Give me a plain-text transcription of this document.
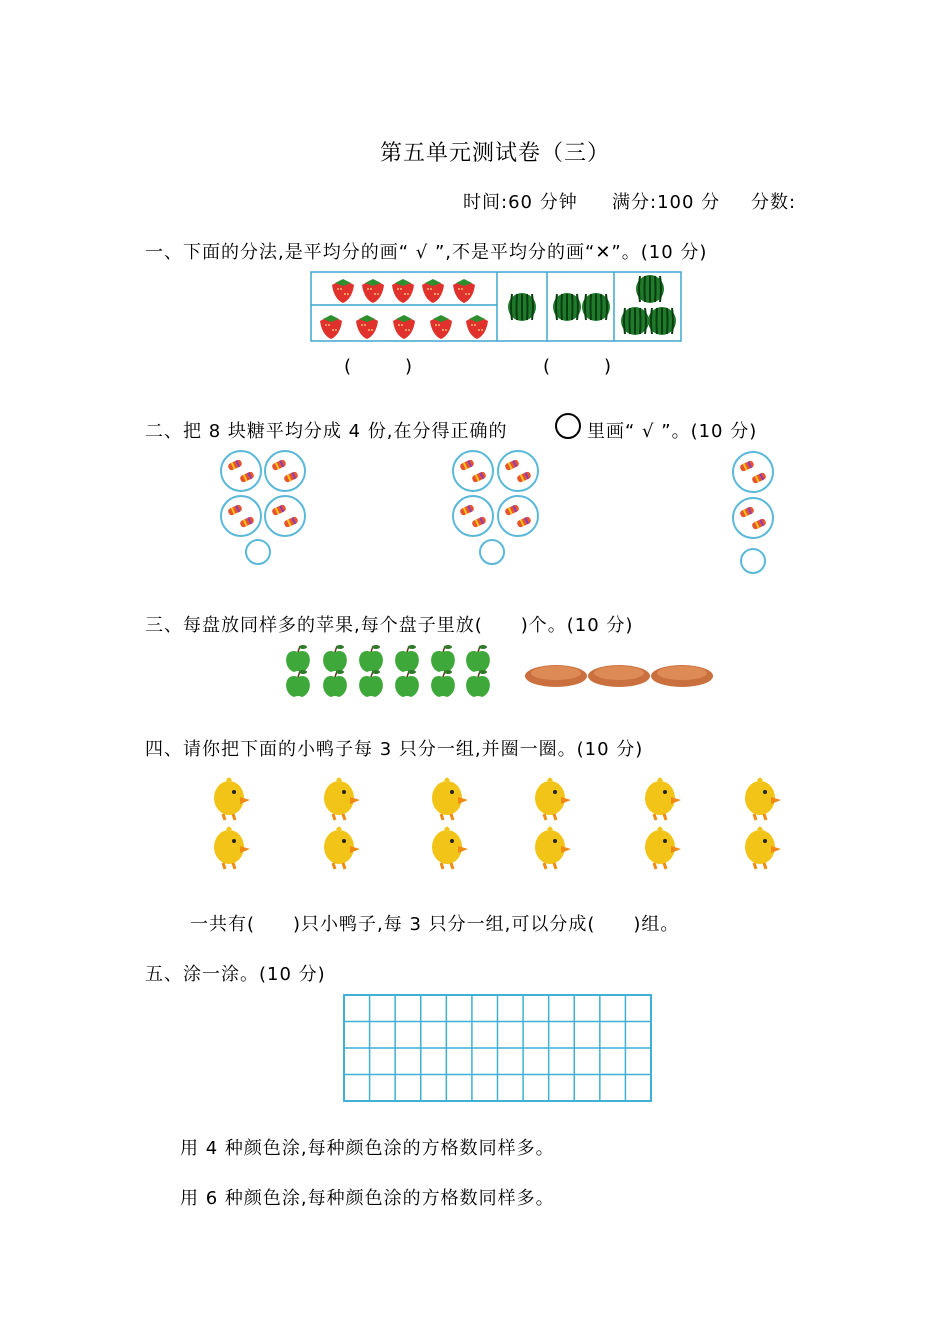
第五单元测试卷（三）
时间:60 分钟 满分:100 分 分数:
一、下面的分法,是平均分的画“ √ ”,不是平均分的画“✕”。(10 分)
(　　　)	(　　　)
二、把 8 块糖平均分成 4 份,在分得正确的	里画“ √ ”。(10 分)
三、每盘放同样多的苹果,每个盘子里放(　　)个。(10 分)
四、请你把下面的小鸭子每 3 只分一组,并圈一圈。(10 分)
一共有(　　)只小鸭子,每 3 只分一组,可以分成(　　)组。
五、涂一涂。(10 分)
用 4 种颜色涂,每种颜色涂的方格数同样多。
用 6 种颜色涂,每种颜色涂的方格数同样多。
